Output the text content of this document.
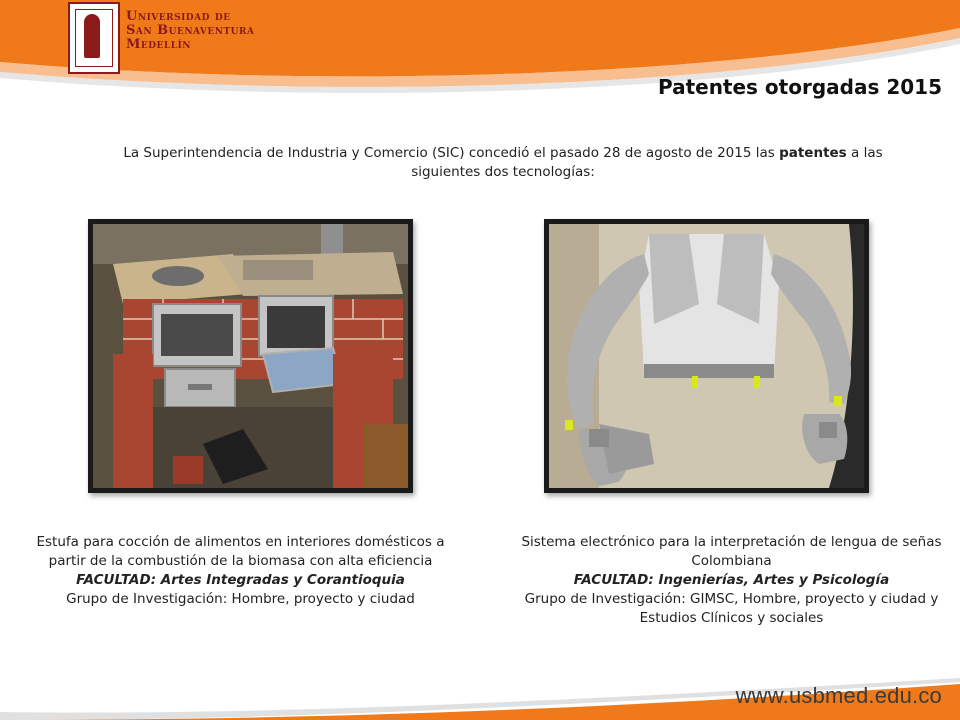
Universidad de
San Buenaventura
Medellín
Patentes otorgadas 2015
La Superintendencia de Industria y Comercio (SIC) concedió el pasado 28 de agosto de 2015 las patentes a las siguientes dos tecnologías:
Estufa para cocción de alimentos en interiores domésticos a partir de la combustión de la biomasa con alta eficiencia
FACULTAD: Artes Integradas y Corantioquia
Grupo de Investigación: Hombre, proyecto y ciudad
Sistema electrónico para la interpretación de lengua de señas Colombiana
FACULTAD: Ingenierías, Artes y Psicología
Grupo de Investigación: GIMSC, Hombre, proyecto y ciudad y Estudios Clínicos y sociales
www.usbmed.edu.co
